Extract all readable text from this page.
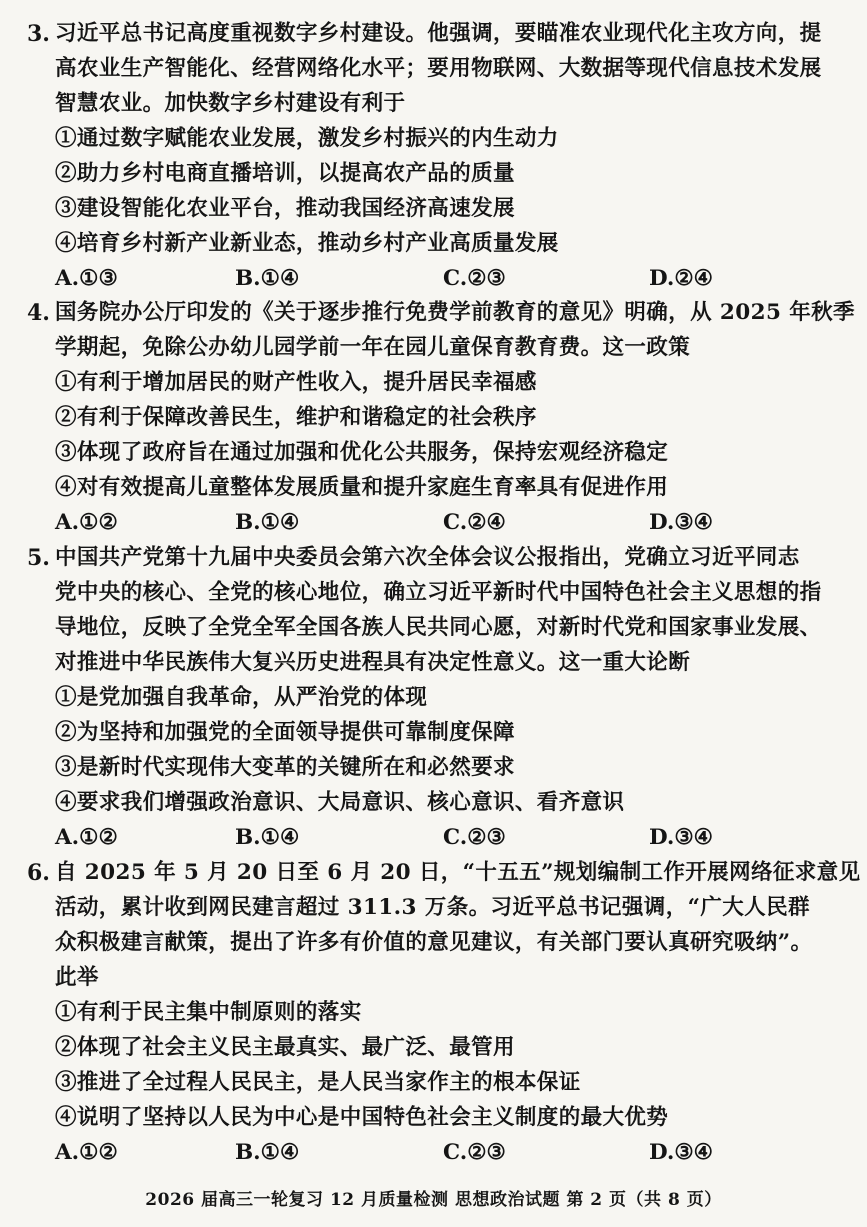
3. 习近平总书记高度重视数字乡村建设。他强调，要瞄准农业现代化主攻方向，提
高农业生产智能化、经营网络化水平；要用物联网、大数据等现代信息技术发展
智慧农业。加快数字乡村建设有利于
①通过数字赋能农业发展，激发乡村振兴的内生动力
②助力乡村电商直播培训，以提高农产品的质量
③建设智能化农业平台，推动我国经济高速发展
④培育乡村新产业新业态，推动乡村产业高质量发展
A.①③	B.①④	C.②③	D.②④
4. 国务院办公厅印发的《关于逐步推行免费学前教育的意见》明确，从 2025 年秋季
学期起，免除公办幼儿园学前一年在园儿童保育教育费。这一政策
①有利于增加居民的财产性收入，提升居民幸福感
②有利于保障改善民生，维护和谐稳定的社会秩序
③体现了政府旨在通过加强和优化公共服务，保持宏观经济稳定
④对有效提高儿童整体发展质量和提升家庭生育率具有促进作用
A.①②	B.①④	C.②④	D.③④
5. 中国共产党第十九届中央委员会第六次全体会议公报指出，党确立习近平同志
党中央的核心、全党的核心地位，确立习近平新时代中国特色社会主义思想的指
导地位，反映了全党全军全国各族人民共同心愿，对新时代党和国家事业发展、
对推进中华民族伟大复兴历史进程具有决定性意义。这一重大论断
①是党加强自我革命，从严治党的体现
②为坚持和加强党的全面领导提供可靠制度保障
③是新时代实现伟大变革的关键所在和必然要求
④要求我们增强政治意识、大局意识、核心意识、看齐意识
A.①②	B.①④	C.②③	D.③④
6. 自 2025 年 5 月 20 日至 6 月 20 日，“十五五”规划编制工作开展网络征求意见
活动，累计收到网民建言超过 311.3 万条。习近平总书记强调，“广大人民群
众积极建言献策，提出了许多有价值的意见建议，有关部门要认真研究吸纳”。
此举
①有利于民主集中制原则的落实
②体现了社会主义民主最真实、最广泛、最管用
③推进了全过程人民民主，是人民当家作主的根本保证
④说明了坚持以人民为中心是中国特色社会主义制度的最大优势
A.①②	B.①④	C.②③	D.③④
2026 届高三一轮复习 12 月质量检测 思想政治试题 第 2 页（共 8 页）
